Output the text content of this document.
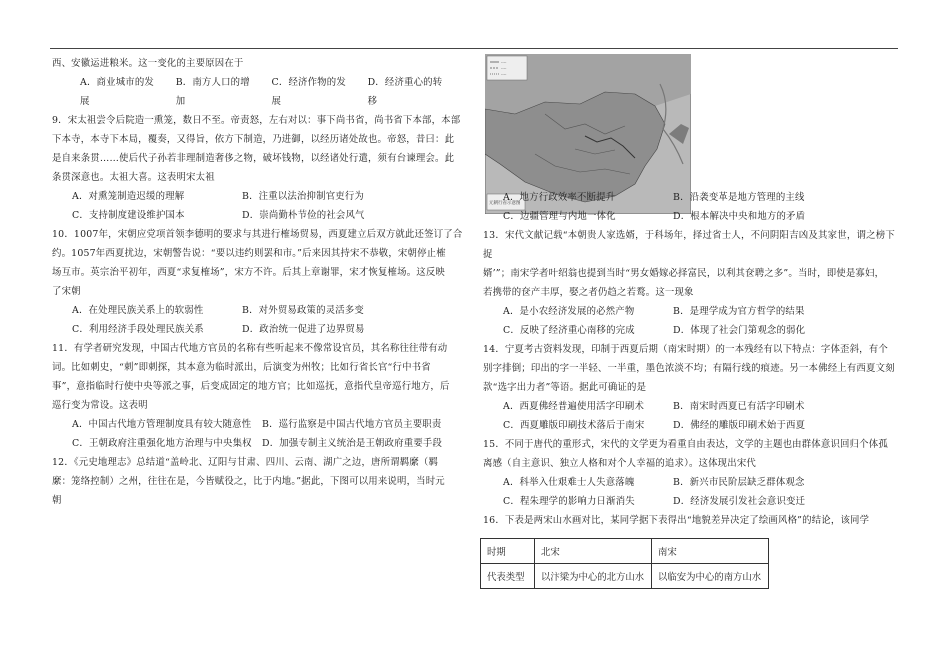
西、安徽运进粮米。这一变化的主要原因在于

A．商业城市的发展
B．南方人口的增加
C．经济作物的发展
D．经济重心的转移

9．宋太祖尝令后院造一熏笼，数日不至。帝责怒，左右对以：事下尚书省，尚书省下本部，本部

下本寺，本寺下本局，覆奏，又得旨，依方下制造，乃进御，以经历诸处故也。帝怒，昔曰：此

是自来条贯……使后代子孙若非理制造奢侈之物，破坏钱物，以经诸处行遣，须有台谏理会。此

条贯深意也。太祖大喜。这表明宋太祖

A．对熏笼制造迟缓的理解	B．注重以法治抑制官吏行为
C．支持制度建设维护国本	D．崇尚勤朴节俭的社会风气

10．1007年，宋朝应党项首领李德明的要求与其进行榷场贸易，西夏建立后双方就此还签订了合

约。1057年西夏扰边，宋朝警告说：“要以违约则罢和市。”后来因其持宋不恭敬，宋朝停止榷

场互市。英宗治平初年，西夏“求复榷场”，宋方不许。后其上章谢罪，宋才恢复榷场。这反映

了宋朝

A．在处理民族关系上的软弱性	B．对外贸易政策的灵活多变
C．利用经济手段处理民族关系	D．政治统一促进了边界贸易

11．有学者研究发现，中国古代地方官员的名称有些听起来不像常设官员，其名称往往带有动

词。比如刺史，“刺”即刺探，其本意为临时派出，后演变为州牧；比如行省长官“行中书省

事”，意指临时行使中央等派之事，后变成固定的地方官；比如巡抚，意指代皇帝巡行地方，后

巡行变为常设。这表明

A．中国古代地方管理制度具有较大随意性	B．巡行监察是中国古代地方官员主要职责
C．王朝政府注重强化地方治理与中央集权	D．加强专制主义统治是王朝政府重要手段

12．《元史地理志》总结道“盖岭北、辽阳与甘肃、四川、云南、湖广之边，唐所谓羁縻（羁

縻：笼络控制）之州，往往在是，今皆赋役之，比于内地。”据此，下图可以用来说明，当时元

朝

----
----
----
元朝行省示意图
A．地方行政效率不断提升	B．沿袭变革是地方管理的主线
C．边疆管理与内地一体化	D．根本解决中央和地方的矛盾

13．宋代文献记载“本朝贵人家选婿，于科场年，择过省士人，不问阴阳吉凶及其家世，谓之榜下捉

婿’”；南宋学者叶绍翁也提到当时“男女婚嫁必择富民，以利其奁聘之多”。当时，即使是寡妇，

若携带的奁产丰厚，娶之者仍趋之若鹜。这一现象

A．是小农经济发展的必然产物	B．是理学成为官方哲学的结果
C．反映了经济重心南移的完成	D．体现了社会门第观念的弱化

14．宁夏考古资料发现，印制于西夏后期（南宋时期）的一本残经有以下特点：字体歪斜，有个

别字排倒；印出的字一半轻、一半重，墨色浓淡不均；有隔行线的痕迹。另一本佛经上有西夏文刻

款“选字出力者”等语。据此可确证的是

A．西夏佛经普遍使用活字印刷术	B．南宋时西夏已有活字印刷术
C．西夏雕版印刷技术落后于南宋	D．佛经的雕版印刷术始于西夏

15．不同于唐代的重形式，宋代的文学更为看重自由表达，文学的主题也由群体意识回归个体孤

离感（自主意识、独立人格和对个人幸福的追求）。这体现出宋代

A．科举入仕艰难士人失意落魄	B．新兴市民阶层缺乏群体观念
C．程朱理学的影响力日渐消失	D．经济发展引发社会意识变迁

16．下表是两宋山水画对比，某同学据下表得出“地貌差异决定了绘画风格”的结论，该同学

时期	北宋	南宋
代表类型	以汴梁为中心的北方山水	以临安为中心的南方山水
